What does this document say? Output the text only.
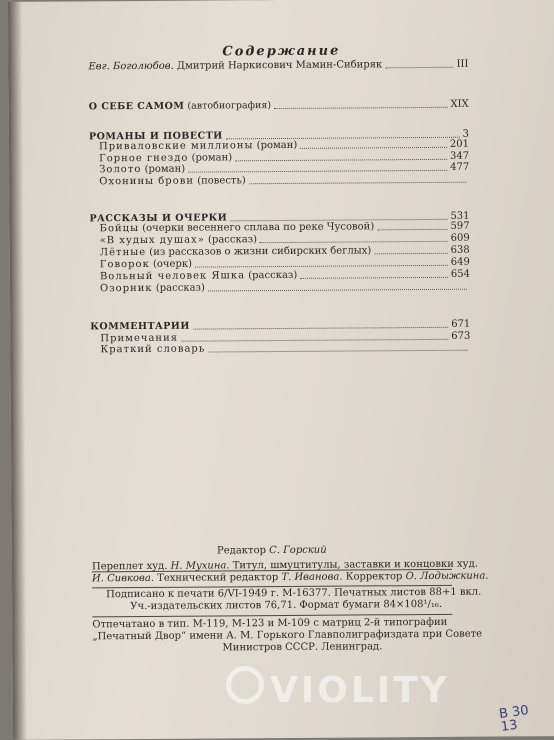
Содержание
Евг. Боголюбов. Дмитрий Наркисович Мамин-Сибиряк	III
О СЕБЕ САМОМ (автобиография)	XIX
РОМАНЫ И ПОВЕСТИ	3
Приваловские миллионы (роман)	201
Горное гнездо (роман)	347
Золото (роман)	477
Охонины брови (повесть)
РАССКАЗЫ И ОЧЕРКИ	531
Бойцы (очерки весеннего сплава по реке Чусовой)	597
«В худых душах» (рассказ)	609
Лётные (из рассказов о жизни сибирских беглых)	638
Говорок (очерк)	649
Вольный человек Яшка (рассказ)	654
Озорник (рассказ)
КОММЕНТАРИИ	671
Примечания	673
Краткий словарь
Редактор С. Горский
Переплет худ. Н. Мухина. Титул, шмуцтитулы, заставки и концовки худ.
И. Сивкова. Технический редактор Т. Иванова. Корректор О. Лодыжкина.
Подписано к печати 6/VI-1949 г. М-16377. Печатных листов 88+1 вкл.
Уч.-издательских листов 76,71. Формат бумаги 84×108¹/₁₆.
Отпечатано в тип. М-119, М-123 и М-109 с матриц 2-й типографии
„Печатный Двор“ имени А. М. Горького Главполиграфиздата при Совете
Министров СССР. Ленинград.
VIOLITY
В 30
13
